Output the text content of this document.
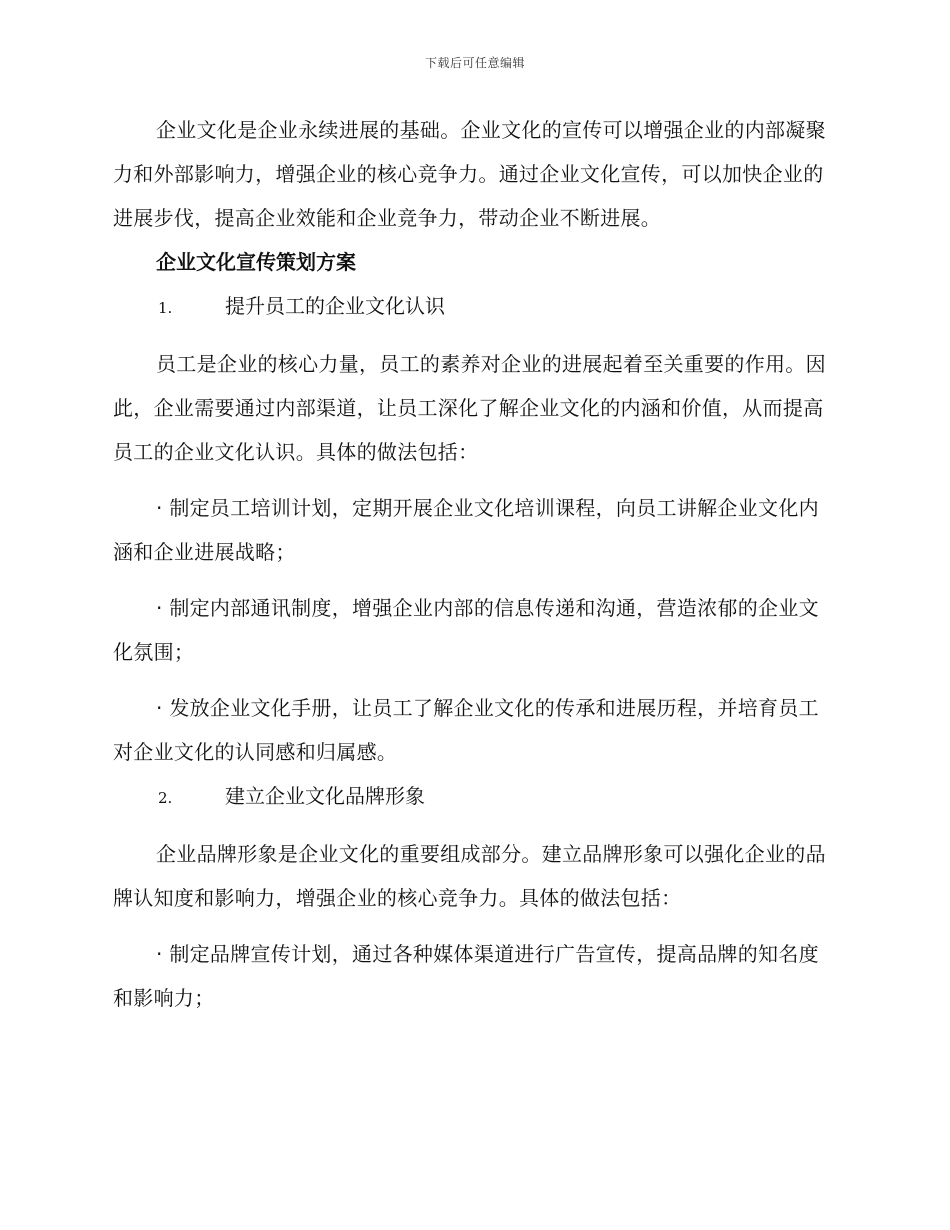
下载后可任意编辑

企业文化是企业永续进展的基础。企业文化的宣传可以增强企业的内部凝聚力和外部影响力，增强企业的核心竞争力。通过企业文化宣传，可以加快企业的进展步伐，提高企业效能和企业竞争力，带动企业不断进展。

企业文化宣传策划方案

1.	提升员工的企业文化认识

员工是企业的核心力量，员工的素养对企业的进展起着至关重要的作用。因此，企业需要通过内部渠道，让员工深化了解企业文化的内涵和价值，从而提高员工的企业文化认识。具体的做法包括：

· 制定员工培训计划，定期开展企业文化培训课程，向员工讲解企业文化内涵和企业进展战略；

· 制定内部通讯制度，增强企业内部的信息传递和沟通，营造浓郁的企业文化氛围；

· 发放企业文化手册，让员工了解企业文化的传承和进展历程，并培育员工对企业文化的认同感和归属感。

2.	建立企业文化品牌形象

企业品牌形象是企业文化的重要组成部分。建立品牌形象可以强化企业的品牌认知度和影响力，增强企业的核心竞争力。具体的做法包括：

· 制定品牌宣传计划，通过各种媒体渠道进行广告宣传，提高品牌的知名度和影响力；
